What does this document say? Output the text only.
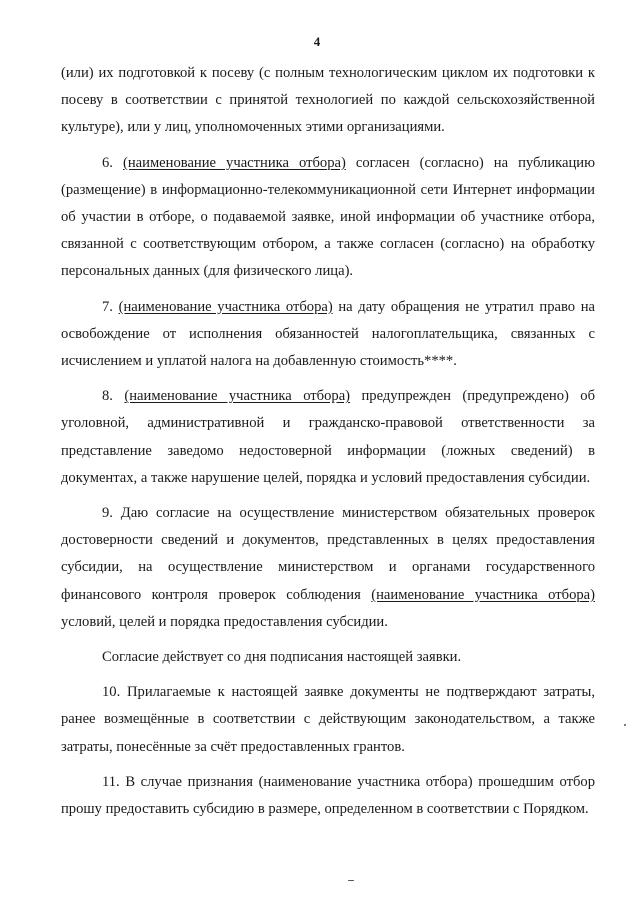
4

(или) их подготовкой к посеву (с полным технологическим циклом их подготовки к посеву в соответствии с принятой технологией по каждой сельскохозяйственной культуре), или у лиц, уполномоченных этими организациями.

6. (наименование участника отбора) согласен (согласно) на публикацию (размещение) в информационно-телекоммуникационной сети Интернет информации об участии в отборе, о подаваемой заявке, иной информации об участнике отбора, связанной с соответствующим отбором, а также согласен (согласно) на обработку персональных данных (для физического лица).

7. (наименование участника отбора) на дату обращения не утратил право на освобождение от исполнения обязанностей налогоплательщика, связанных с исчислением и уплатой налога на добавленную стоимость****.

8. (наименование участника отбора) предупрежден (предупреждено) об уголовной, административной и гражданско-правовой ответственности за представление заведомо недостоверной информации (ложных сведений) в документах, а также нарушение целей, порядка и условий предоставления субсидии.

9. Даю согласие на осуществление министерством обязательных проверок достоверности сведений и документов, представленных в целях предоставления субсидии, на осуществление министерством и органами государственного финансового контроля проверок соблюдения (наименование участника отбора) условий, целей и порядка предоставления субсидии.

Согласие действует со дня подписания настоящей заявки.

10. Прилагаемые к настоящей заявке документы не подтверждают затраты, ранее возмещённые в соответствии с действующим законодательством, а также затраты, понесённые за счёт предоставленных грантов.

11. В случае признания (наименование участника отбора) прошедшим отбор прошу предоставить субсидию в размере, определенном в соответствии с Порядком.
